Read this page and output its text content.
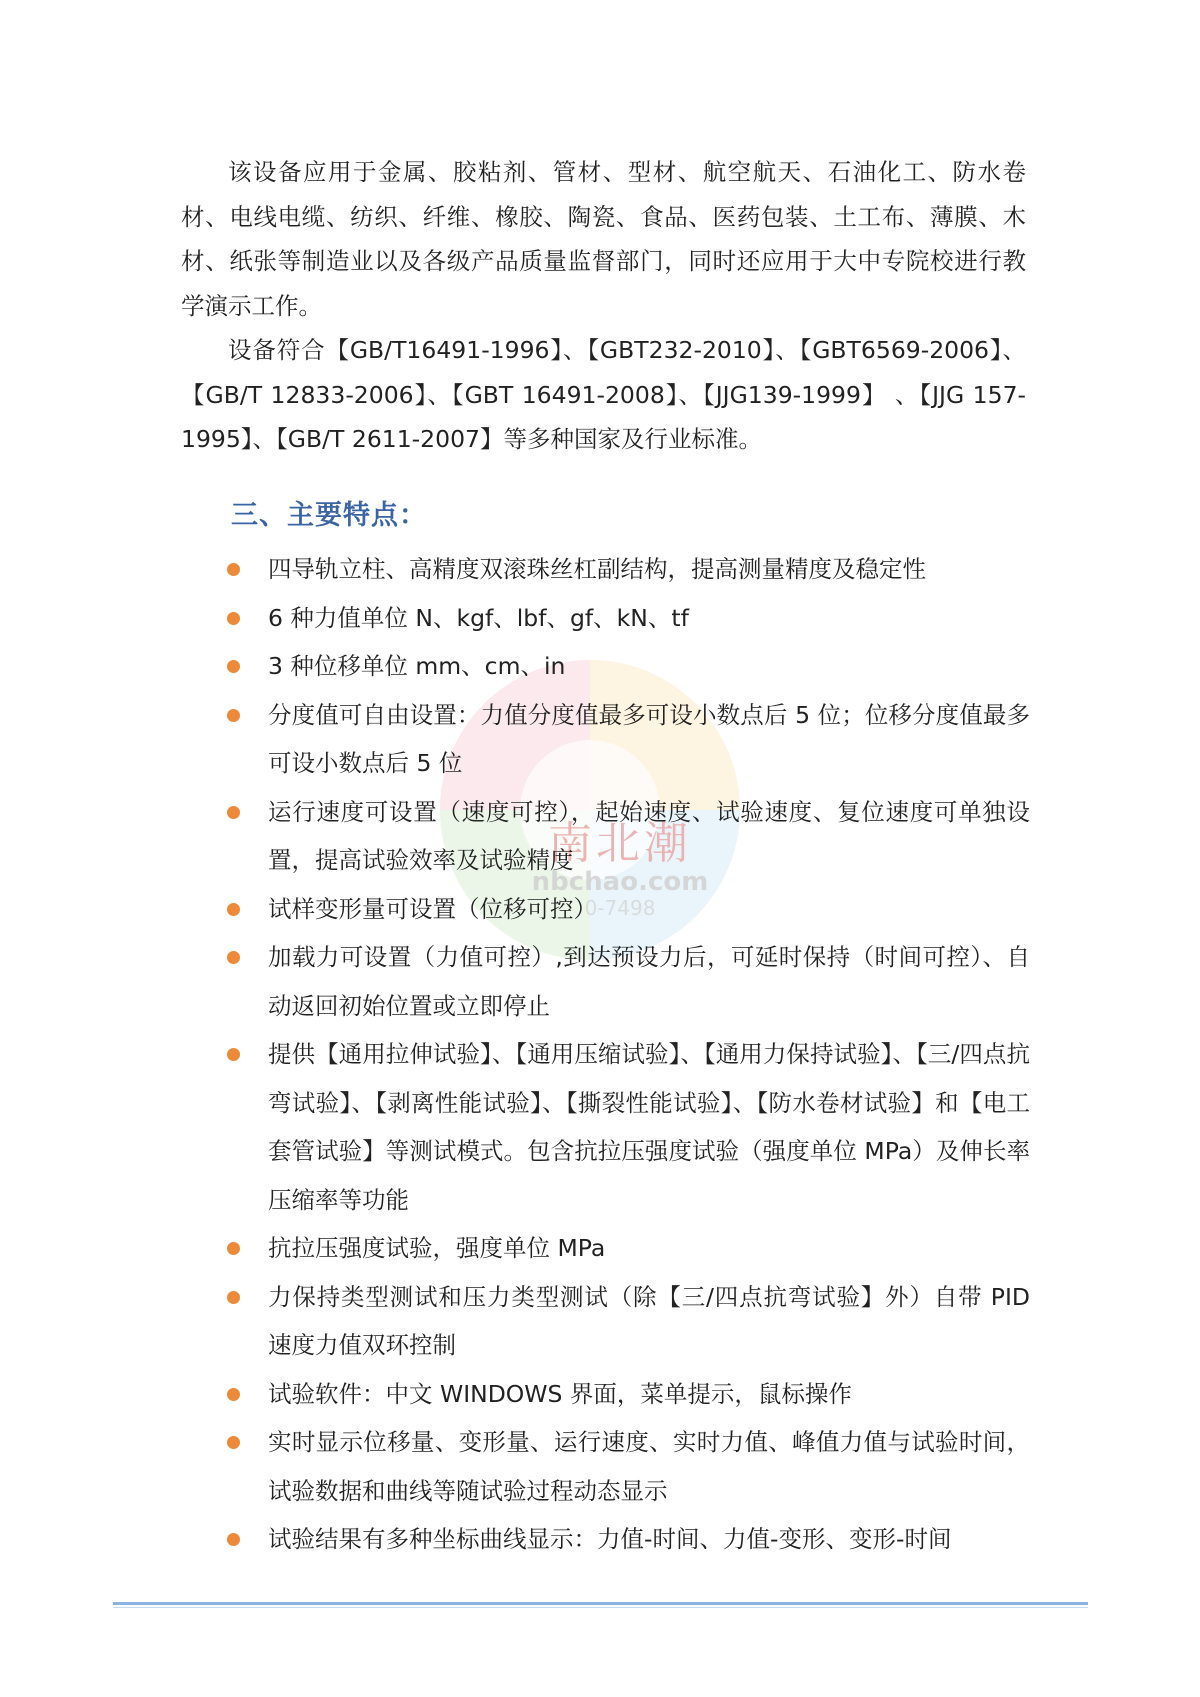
南北潮
nbchao.com
0-7498

该设备应用于金属、胶粘剂、管材、型材、航空航天、石油化工、防水卷材、电线电缆、纺织、纤维、橡胶、陶瓷、食品、医药包装、土工布、薄膜、木材、纸张等制造业以及各级产品质量监督部门，同时还应用于大中专院校进行教学演示工作。

设备符合【GB/T16491-1996】、【GBT232-2010】、【GBT6569-2006】、【GB/T 12833-2006】、【GBT 16491-2008】、【JJG139-1999】 、【JJG 157-1995】、【GB/T 2611-2007】等多种国家及行业标准。

三、主要特点：
四导轨立柱、高精度双滚珠丝杠副结构，提高测量精度及稳定性
6 种力值单位 N、kgf、lbf、gf、kN、tf
3 种位移单位 mm、cm、in
分度值可自由设置：力值分度值最多可设小数点后 5 位；位移分度值最多可设小数点后 5 位
运行速度可设置（速度可控），起始速度、试验速度、复位速度可单独设置，提高试验效率及试验精度
试样变形量可设置（位移可控）
加载力可设置（力值可控）,到达预设力后，可延时保持（时间可控）、自动返回初始位置或立即停止
提供【通用拉伸试验】、【通用压缩试验】、【通用力保持试验】、【三/四点抗弯试验】、【剥离性能试验】、【撕裂性能试验】、【防水卷材试验】和【电工套管试验】等测试模式。包含抗拉压强度试验（强度单位 MPa）及伸长率压缩率等功能
抗拉压强度试验，强度单位 MPa
力保持类型测试和压力类型测试（除【三/四点抗弯试验】外）自带 PID 速度力值双环控制
试验软件：中文 WINDOWS 界面，菜单提示，鼠标操作
实时显示位移量、变形量、运行速度、实时力值、峰值力值与试验时间，试验数据和曲线等随试验过程动态显示
试验结果有多种坐标曲线显示：力值-时间、力值-变形、变形-时间
